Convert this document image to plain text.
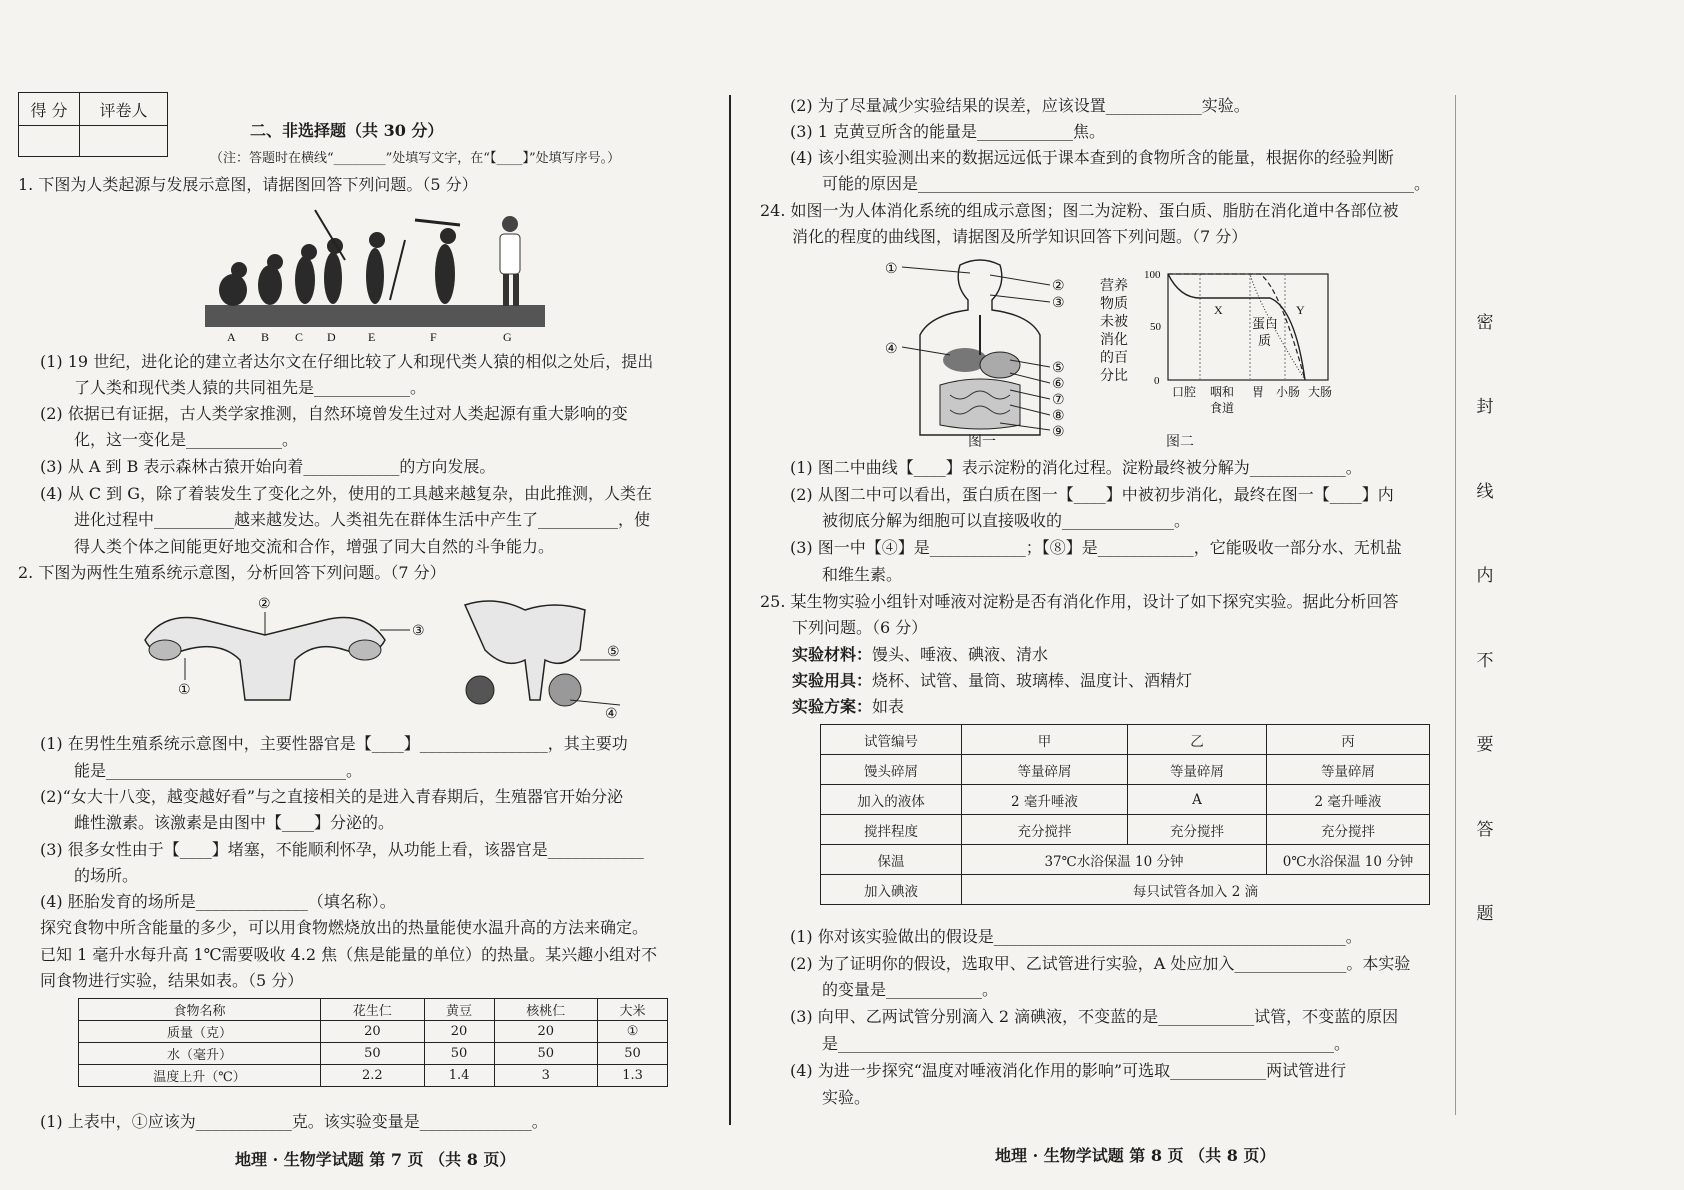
得 分	评卷人

二、非选择题（共 30 分）
（注：答题时在横线“________”处填写文字，在“【____】”处填写序号。）
1. 下图为人类起源与发展示意图，请据图回答下列问题。（5 分）
A B C D	E	F	G
(1) 19 世纪，进化论的建立者达尔文在仔细比较了人和现代类人猿的相似之处后，提出
了人类和现代类人猿的共同祖先是____________。
(2) 依据已有证据，古人类学家推测，自然环境曾发生过对人类起源有重大影响的变
化，这一变化是____________。
(3) 从 A 到 B 表示森林古猿开始向着____________的方向发展。
(4) 从 C 到 G，除了着装发生了变化之外，使用的工具越来越复杂，由此推测，人类在
进化过程中__________越来越发达。人类祖先在群体生活中产生了__________，使
得人类个体之间能更好地交流和合作，增强了同大自然的斗争能力。
2. 下图为两性生殖系统示意图，分析回答下列问题。（7 分）
②
③
①
⑤
④
(1) 在男性生殖系统示意图中，主要性器官是【____】________________，其主要功
能是______________________________。
(2)“女大十八变，越变越好看”与之直接相关的是进入青春期后，生殖器官开始分泌
雌性激素。该激素是由图中【____】分泌的。
(3) 很多女性由于【____】堵塞，不能顺利怀孕，从功能上看，该器官是____________
的场所。
(4) 胚胎发育的场所是______________（填名称）。
探究食物中所含能量的多少，可以用食物燃烧放出的热量能使水温升高的方法来确定。
已知 1 毫升水每升高 1℃需要吸收 4.2 焦（焦是能量的单位）的热量。某兴趣小组对不
同食物进行实验，结果如表。（5 分）
食物名称	花生仁	黄豆	核桃仁	大米
质量（克）	20	20	20	①
水（毫升）	50	50	50	50
温度上升（℃）	2.2	1.4	3	1.3
(1) 上表中，①应该为____________克。该实验变量是______________。
地理 · 生物学试题 第 7 页 （共 8 页）
(2) 为了尽量减少实验结果的误差，应该设置____________实验。
(3) 1 克黄豆所含的能量是____________焦。
(4) 该小组实验测出来的数据远远低于课本查到的食物所含的能量，根据你的经验判断
可能的原因是______________________________________________________________。
24. 如图一为人体消化系统的组成示意图；图二为淀粉、蛋白质、脂肪在消化道中各部位被
消化的程度的曲线图，请据图及所学知识回答下列问题。（7 分）
①
②
③
④
⑤
⑥
⑦
⑧
⑨
图一
营 养
物 质
未 被
消 化
的 百
分 比
100
50
0
X	Y
蛋白
质
口腔 咽和
食道
胃 小肠 大肠
图二
(1) 图二中曲线【____】表示淀粉的消化过程。淀粉最终被分解为____________。
(2) 从图二中可以看出，蛋白质在图一【____】中被初步消化，最终在图一【____】内
被彻底分解为细胞可以直接吸收的______________。
(3) 图一中【④】是____________；【⑧】是____________，它能吸收一部分水、无机盐
和维生素。
25. 某生物实验小组针对唾液对淀粉是否有消化作用，设计了如下探究实验。据此分析回答
下列问题。（6 分）
实验材料：馒头、唾液、碘液、清水
实验用具：烧杯、试管、量筒、玻璃棒、温度计、酒精灯
实验方案：如表
试管编号	甲	乙	丙
馒头碎屑	等量碎屑	等量碎屑	等量碎屑
加入的液体	2 毫升唾液	A	2 毫升唾液
搅拌程度	充分搅拌	充分搅拌	充分搅拌
保温	37℃水浴保温 10 分钟		0℃水浴保温 10 分钟
加入碘液	每只试管各加入 2 滴		
(1) 你对该实验做出的假设是____________________________________________。
(2) 为了证明你的假设，选取甲、乙试管进行实验，A 处应加入______________。本实验
的变量是____________。
(3) 向甲、乙两试管分别滴入 2 滴碘液，不变蓝的是____________试管，不变蓝的原因
是______________________________________________________________。
(4) 为进一步探究“温度对唾液消化作用的影响”可选取____________两试管进行
实验。
地理 · 生物学试题 第 8 页 （共 8 页）
密
封
线
内
不
要
答
题
